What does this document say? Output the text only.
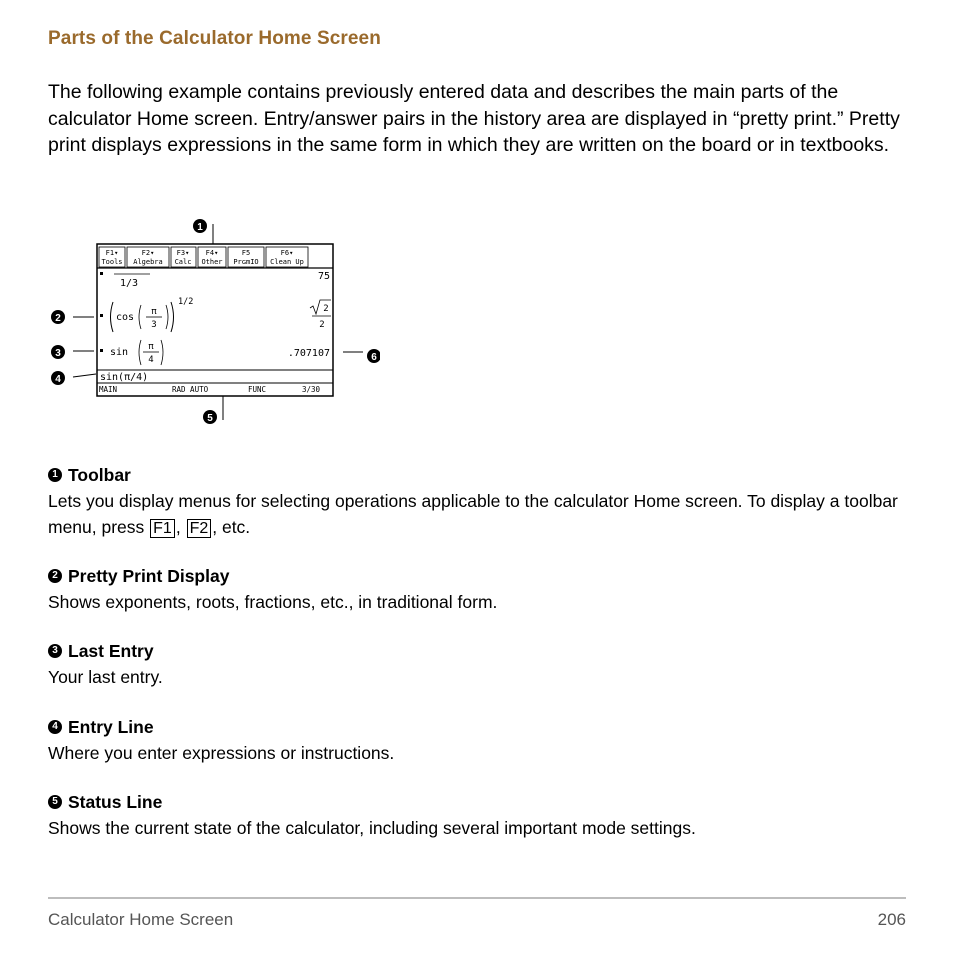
Parts of the Calculator Home Screen

The following example contains previously entered data and describes the main parts of the calculator Home screen. Entry/answer pairs in the history area are displayed in “pretty print.” Pretty print displays expressions in the same form in which they are written on the board or in textbooks.

1
2
3
4
5
6
F1▾
Tools
F2▾
Algebra
F3▾
Calc
F4▾
Other
F5
PrɢmIO
F6▾
Clean Up
1/3
75
cos π
3
1/2
2
2
sin π
4
.707107
sin(π/4)
MAIN	RAD AUTO	FUNC	3/30
1 Toolbar
Lets you display menus for selecting operations applicable to the calculator Home screen. To display a toolbar menu, press F1 , F2 , etc.
2 Pretty Print Display
Shows exponents, roots, fractions, etc., in traditional form.
3 Last Entry
Your last entry.
4 Entry Line
Where you enter expressions or instructions.
5 Status Line
Shows the current state of the calculator, including several important mode settings.
Calculator Home Screen	206
